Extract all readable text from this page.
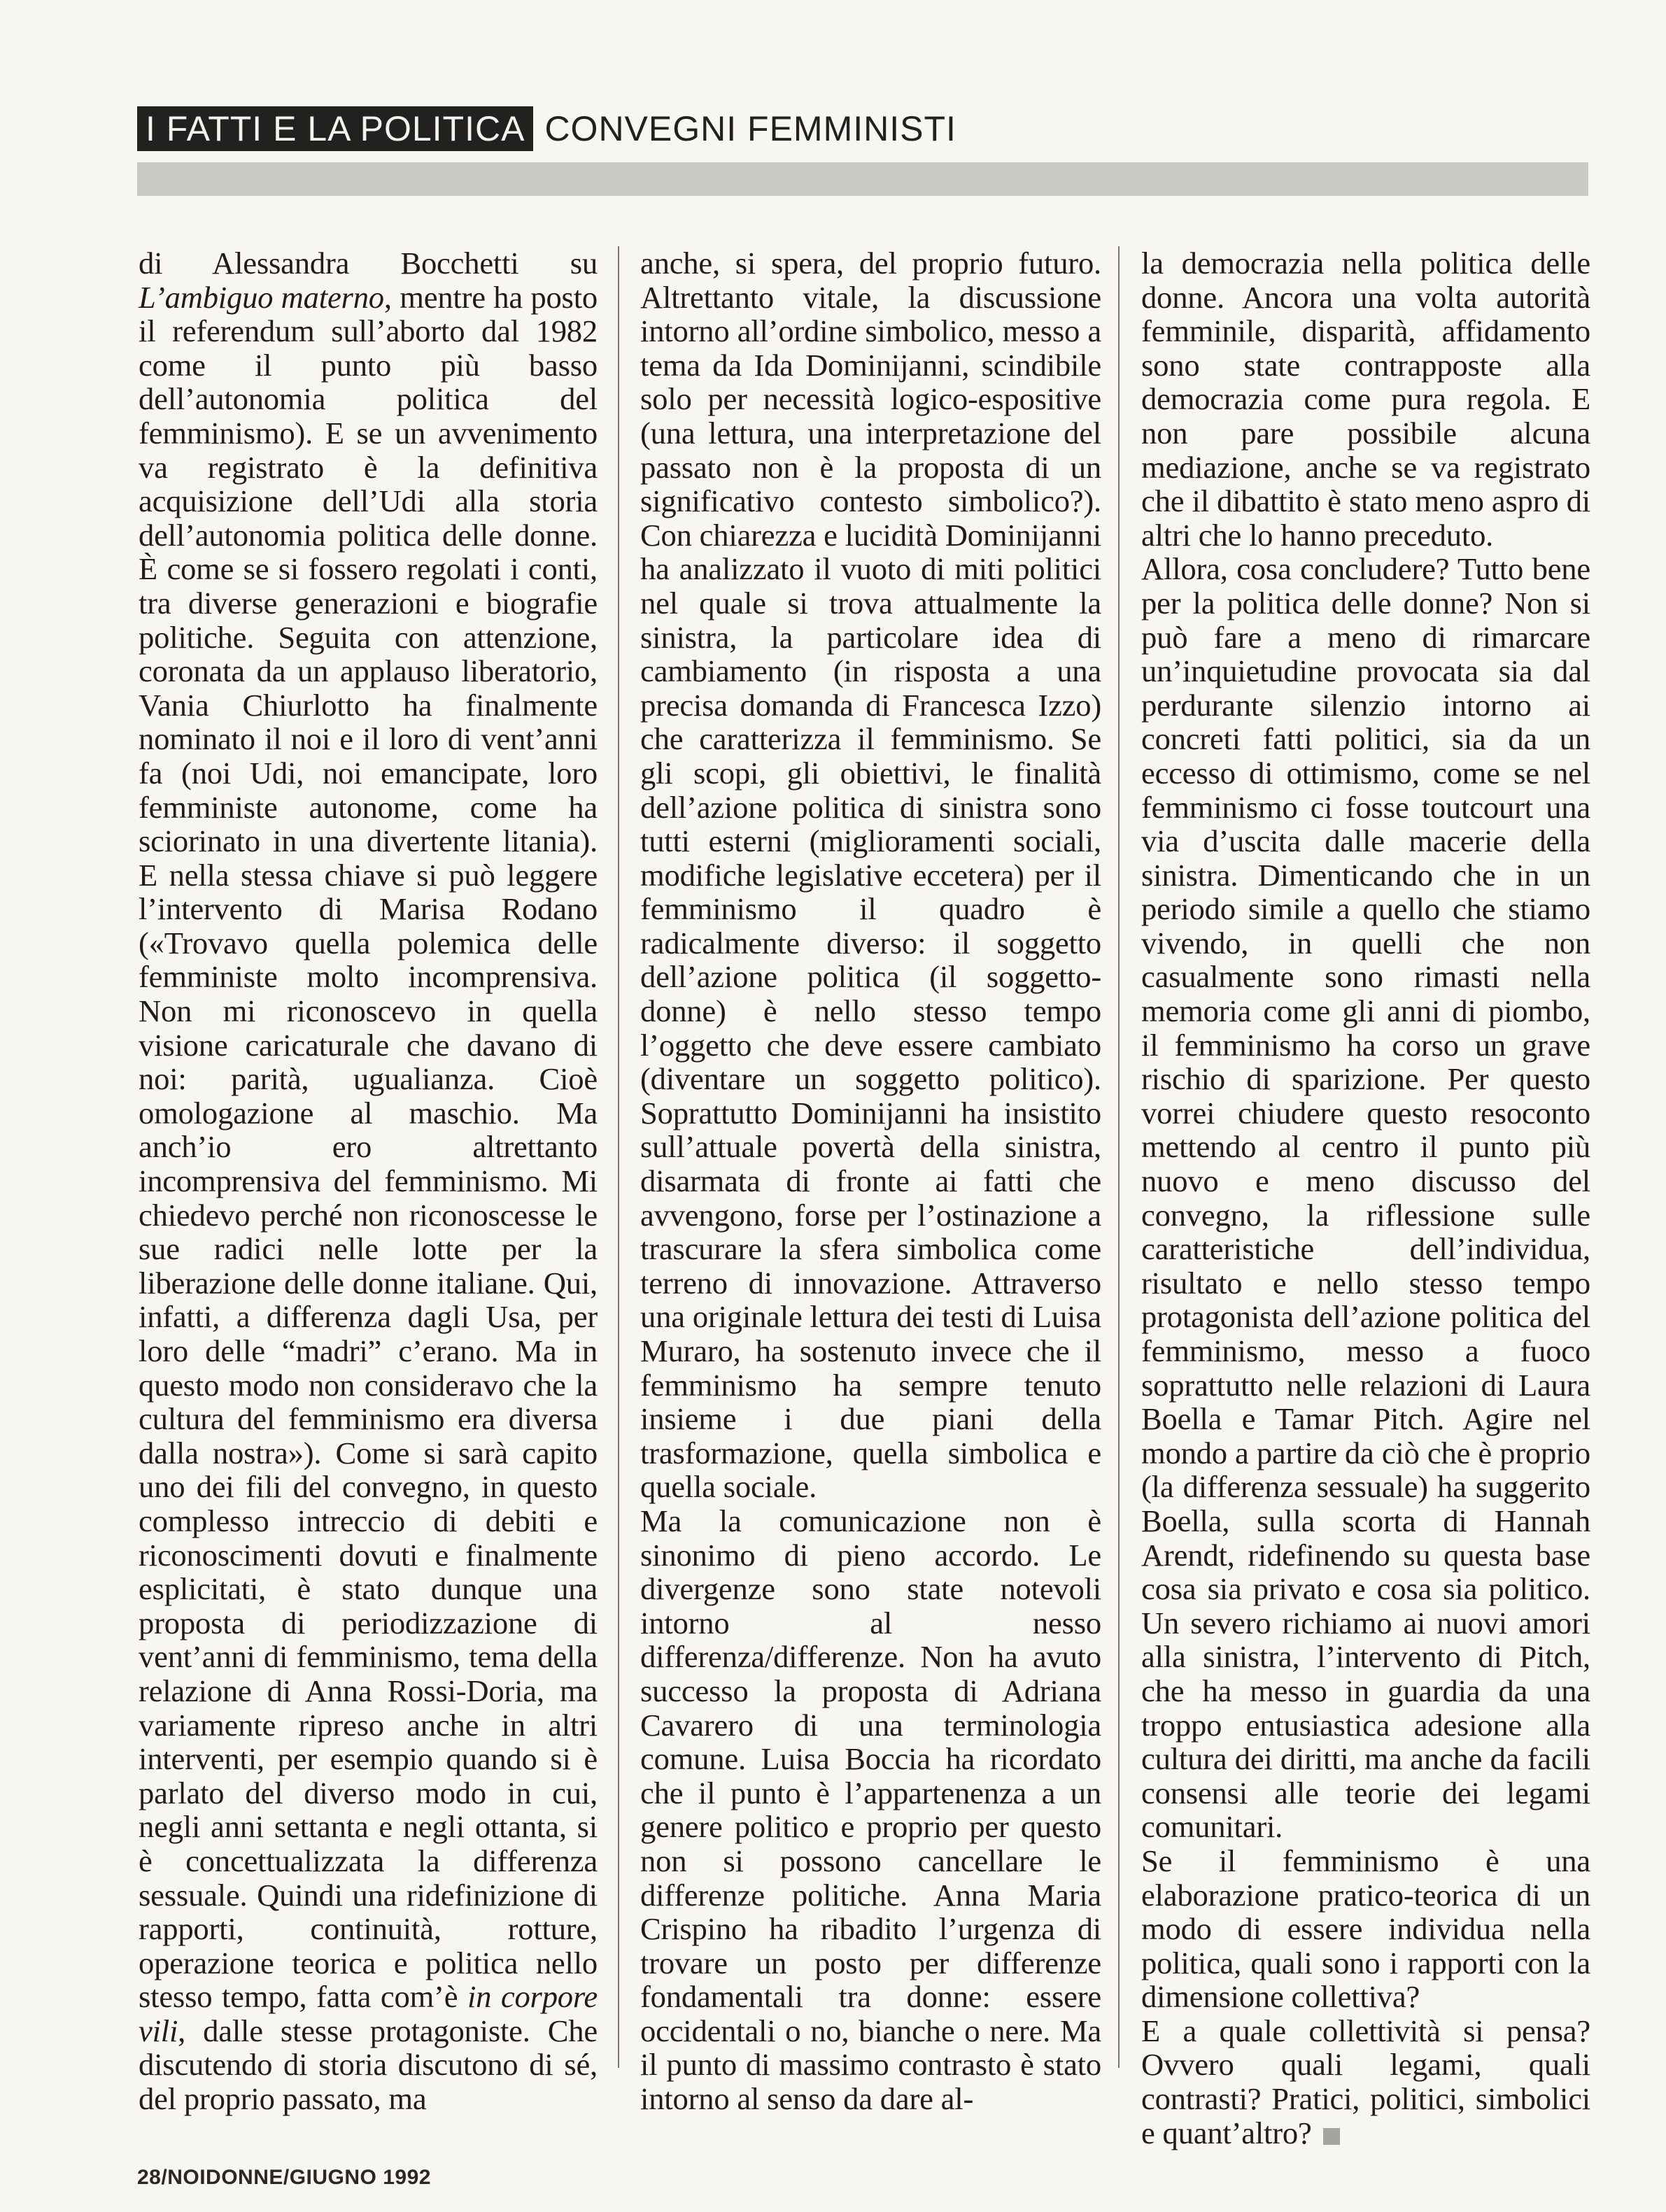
I FATTI E LA POLITICA CONVEGNI FEMMINISTI

di Alessandra Bocchetti su L’ambiguo materno, mentre ha posto il referendum sull’aborto dal 1982 come il punto più basso dell’autonomia politica del femminismo). E se un avvenimento va registrato è la definitiva acquisizione dell’Udi alla storia dell’autonomia politica delle donne. È come se si fossero regolati i conti, tra diverse generazioni e biografie politiche. Seguita con attenzione, coronata da un applauso liberatorio, Vania Chiurlotto ha finalmente nominato il noi e il loro di vent’anni fa (noi Udi, noi emancipate, loro femministe autonome, come ha sciorinato in una divertente litania). E nella stessa chiave si può leggere l’intervento di Marisa Rodano («Trovavo quella polemica delle femministe molto incomprensiva. Non mi riconoscevo in quella visione caricaturale che davano di noi: parità, ugualianza. Cioè omologazione al maschio. Ma anch’io ero altrettanto incomprensiva del femminismo. Mi chiedevo perché non riconoscesse le sue radici nelle lotte per la liberazione delle donne italiane. Qui, infatti, a differenza dagli Usa, per loro delle “madri” c’erano. Ma in questo modo non consideravo che la cultura del femminismo era diversa dalla nostra»). Come si sarà capito uno dei fili del convegno, in questo complesso intreccio di debiti e riconoscimenti dovuti e finalmente esplicitati, è stato dunque una proposta di periodizzazione di vent’anni di femminismo, tema della relazione di Anna Rossi-Doria, ma variamente ripreso anche in altri interventi, per esempio quando si è parlato del diverso modo in cui, negli anni settanta e negli ottanta, si è concettualizzata la differenza sessuale. Quindi una ridefinizione di rapporti, continuità, rotture, operazione teorica e politica nello stesso tempo, fatta com’è in corpore vili, dalle stesse protagoniste. Che discutendo di storia discutono di sé, del proprio passato, ma

anche, si spera, del proprio futuro. Altrettanto vitale, la discussione intorno all’ordine simbolico, messo a tema da Ida Dominijanni, scindibile solo per necessità logico-espositive (una lettura, una interpretazione del passato non è la proposta di un significativo contesto simbolico?). Con chiarezza e lucidità Dominijanni ha analizzato il vuoto di miti politici nel quale si trova attualmente la sinistra, la particolare idea di cambiamento (in risposta a una precisa domanda di Francesca Izzo) che caratterizza il femminismo. Se gli scopi, gli obiettivi, le finalità dell’azione politica di sinistra sono tutti esterni (miglioramenti sociali, modifiche legislative eccetera) per il femminismo il quadro è radicalmente diverso: il soggetto dell’azione politica (il soggetto-donne) è nello stesso tempo l’oggetto che deve essere cambiato (diventare un soggetto politico). Soprattutto Dominijanni ha insistito sull’attuale povertà della sinistra, disarmata di fronte ai fatti che avvengono, forse per l’ostinazione a trascurare la sfera simbolica come terreno di innovazione. Attraverso una originale lettura dei testi di Luisa Muraro, ha sostenuto invece che il femminismo ha sempre tenuto insieme i due piani della trasformazione, quella simbolica e quella sociale.

Ma la comunicazione non è sinonimo di pieno accordo. Le divergenze sono state notevoli intorno al nesso differenza/differenze. Non ha avuto successo la proposta di Adriana Cavarero di una terminologia comune. Luisa Boccia ha ricordato che il punto è l’appartenenza a un genere politico e proprio per questo non si possono cancellare le differenze politiche. Anna Maria Crispino ha ribadito l’urgenza di trovare un posto per differenze fondamentali tra donne: essere occidentali o no, bianche o nere. Ma il punto di massimo contrasto è stato intorno al senso da dare al-

la democrazia nella politica delle donne. Ancora una volta autorità femminile, disparità, affidamento sono state contrapposte alla democrazia come pura regola. E non pare possibile alcuna mediazione, anche se va registrato che il dibattito è stato meno aspro di altri che lo hanno preceduto.

Allora, cosa concludere? Tutto bene per la politica delle donne? Non si può fare a meno di rimarcare un’inquietudine provocata sia dal perdurante silenzio intorno ai concreti fatti politici, sia da un eccesso di ottimismo, come se nel femminismo ci fosse toutcourt una via d’uscita dalle macerie della sinistra. Dimenticando che in un periodo simile a quello che stiamo vivendo, in quelli che non casualmente sono rimasti nella memoria come gli anni di piombo, il femminismo ha corso un grave rischio di sparizione. Per questo vorrei chiudere questo resoconto mettendo al centro il punto più nuovo e meno discusso del convegno, la riflessione sulle caratteristiche dell’individua, risultato e nello stesso tempo protagonista dell’azione politica del femminismo, messo a fuoco soprattutto nelle relazioni di Laura Boella e Tamar Pitch. Agire nel mondo a partire da ciò che è proprio (la differenza sessuale) ha suggerito Boella, sulla scorta di Hannah Arendt, ridefinendo su questa base cosa sia privato e cosa sia politico. Un severo richiamo ai nuovi amori alla sinistra, l’intervento di Pitch, che ha messo in guardia da una troppo entusiastica adesione alla cultura dei diritti, ma anche da facili consensi alle teorie dei legami comunitari.

Se il femminismo è una elaborazione pratico-teorica di un modo di essere individua nella politica, quali sono i rapporti con la dimensione collettiva?

E a quale collettività si pensa? Ovvero quali legami, quali contrasti? Pratici, politici, simbolici e quant’altro?

28/NOIDONNE/GIUGNO 1992
